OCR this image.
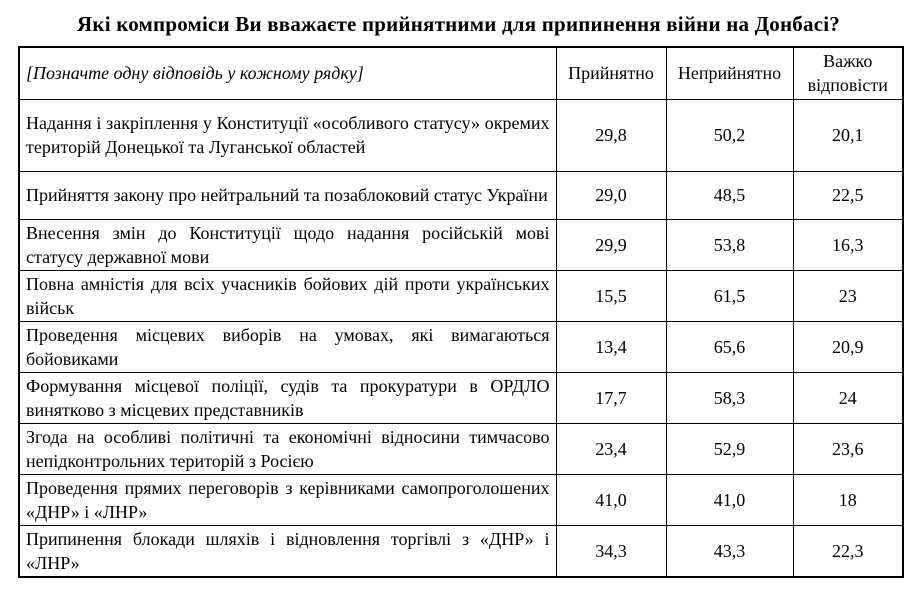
Які компроміси Ви вважаєте прийнятними для припинення війни на Донбасі?
[Позначте одну відповідь у кожному рядку]	Прийнятно	Неприйнятно	Важко відповісти
Надання і закріплення у Конституції «особливого статусу» окремих територій Донецької та Луганської областей	29,8	50,2	20,1
Прийняття закону про нейтральний та позаблоковий статус України	29,0	48,5	22,5
Внесення змін до Конституції щодо надання російській мові статусу державної мови	29,9	53,8	16,3
Повна амністія для всіх учасників бойових дій проти українських військ	15,5	61,5	23
Проведення місцевих виборів на умовах, які вимагаються бойовиками	13,4	65,6	20,9
Формування місцевої поліції, судів та прокуратури в ОРДЛО винятково з місцевих представників	17,7	58,3	24
Згода на особливі політичні та економічні відносини тимчасово непідконтрольних територій з Росією	23,4	52,9	23,6
Проведення прямих переговорів з керівниками самопроголошених «ДНР» і «ЛНР»	41,0	41,0	18
Припинення блокади шляхів і відновлення торгівлі з «ДНР» і «ЛНР»	34,3	43,3	22,3
